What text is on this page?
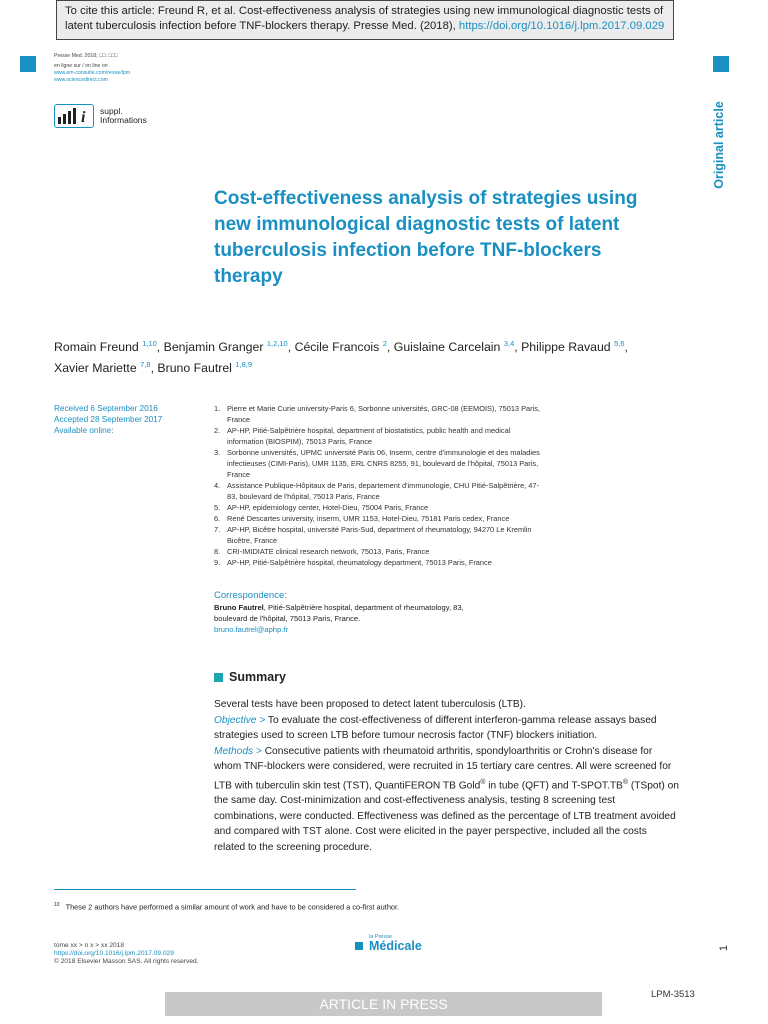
To cite this article: Freund R, et al. Cost-effectiveness analysis of strategies using new immunological diagnostic tests of latent tuberculosis infection before TNF-blockers therapy. Presse Med. (2018), https://doi.org/10.1016/j.lpm.2017.09.029
Presse Med. 2018; □□: □□□
en ligne sur / on line on
www.em-consulte.com/revue/lpm
www.sciencedirect.com
i suppl.
Informations	Original article
Cost-effectiveness analysis of strategies using new immunological diagnostic tests of latent tuberculosis infection before TNF-blockers therapy
Romain Freund $^{1,10}$, Benjamin Granger $^{1,2,10}$, Cécile Francois $^2$, Guislaine Carcelain $^{3,4}$, Philippe Ravaud $^{5,6}$,
Xavier Mariette $^{7,8}$, Bruno Fautrel $^{1,8,9}$
Received 6 September 2016
Accepted 28 September 2017
Available online:
1. Pierre et Marie Curie university-Paris 6, Sorbonne universités, GRC-08 (EEMOIS), 75013 Paris, France
2. AP-HP, Pitié-Salpêtrière hospital, department of biostatistics, public health and medical information (BIOSPIM), 75013 Paris, France
3. Sorbonne universités, UPMC université Paris 06, Inserm, centre d'immunologie et des maladies infectieuses (CIMI-Paris), UMR 1135, ERL CNRS 8255, 91, boulevard de l'hôpital, 75013 Paris, France
4. Assistance Publique-Hôpitaux de Paris, departement d'immunologie, CHU Pitié-Salpêtrière, 47-83, boulevard de l'hôpital, 75013 Paris, France
5. AP-HP, epidemiology center, Hotel-Dieu, 75004 Paris, France
6. René Descartes university, inserm, UMR 1153, Hotel-Dieu, 75181 Paris cedex, France
7. AP-HP, Bicêtre hospital, université Paris-Sud, department of rheumatology, 94270 Le Kremlin Bicêtre, France
8. CRI-IMIDIATE clinical research network, 75013, Paris, France
9. AP-HP, Pitié-Salpêtrière hospital, rheumatology department, 75013 Paris, France
Correspondence:
Bruno Fautrel, Pitié-Salpêtrière hospital, department of rheumatology, 83,
boulevard de l'hôpital, 75013 Paris, France.
bruno.fautrel@aphp.fr
Summary
Several tests have been proposed to detect latent tuberculosis (LTB).
Objective > To evaluate the cost-effectiveness of different interferon-gamma release assays based strategies used to screen LTB before tumour necrosis factor (TNF) blockers initiation.
Methods > Consecutive patients with rheumatoid arthritis, spondyloarthritis or Crohn's disease for whom TNF-blockers were considered, were recruited in 15 tertiary care centres. All were screened for LTB with tuberculin skin test (TST), QuantiFERON TB Gold® in tube (QFT) and T-SPOT.TB® (TSpot) on the same day. Cost-minimization and cost-effectiveness analysis, testing 8 screening test combinations, were conducted. Effectiveness was defined as the percentage of LTB treatment avoided and compared with TST alone. Cost were elicited in the payer perspective, included all the costs related to the screening procedure.
$^{10}$ These 2 authors have performed a similar amount of work and have to be considered a co-first author.
tome xx > n x > xx 2018
https://doi.org/10.1016/j.lpm.2017.09.029
© 2018 Elsevier Masson SAS. All rights reserved.
la Presse
Médicale	1
ARTICLE IN PRESS
LPM-3513
